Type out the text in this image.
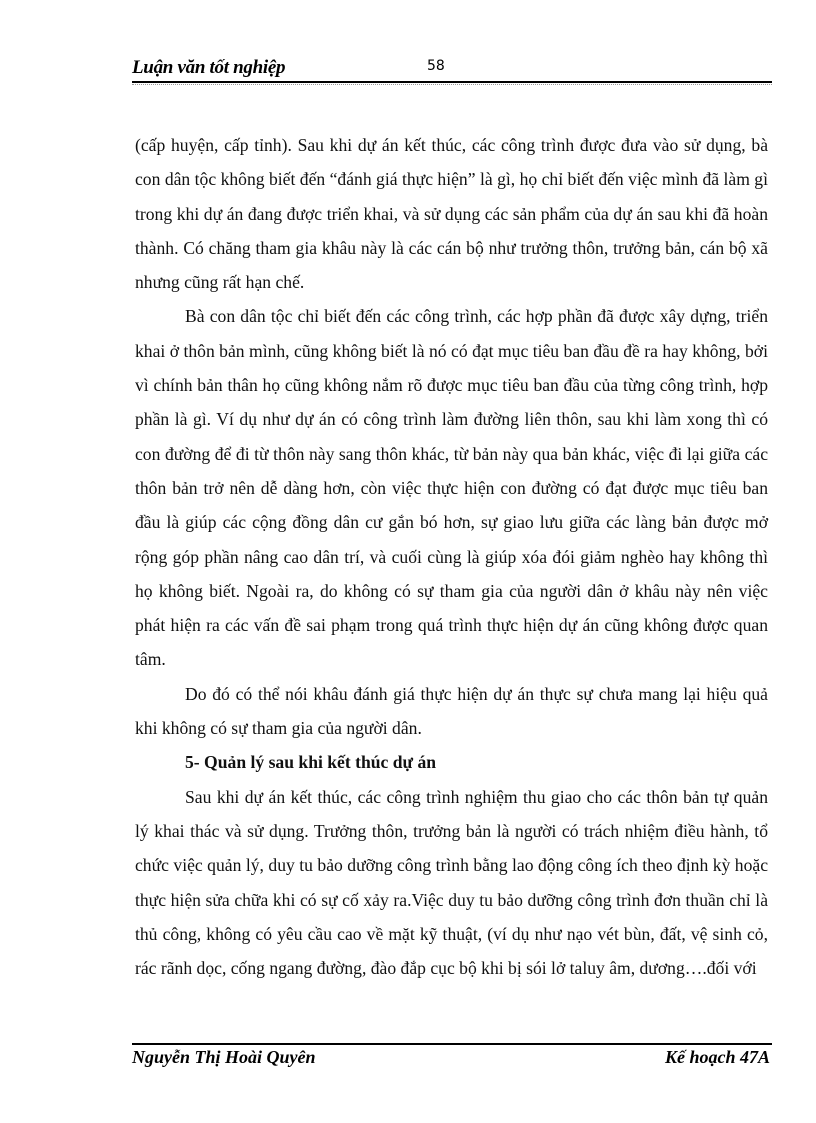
Luận văn tốt nghiệp	58

(cấp huyện, cấp tỉnh). Sau khi dự án kết thúc, các công trình được đưa vào sử dụng, bà con dân tộc không biết đến “đánh giá thực hiện” là gì, họ chỉ biết đến việc mình đã làm gì trong khi dự án đang được triển khai, và sử dụng các sản phẩm của dự án sau khi đã hoàn thành. Có chăng tham gia khâu này là các cán bộ như trưởng thôn, trưởng bản, cán bộ xã nhưng cũng rất hạn chế.

Bà con dân tộc chỉ biết đến các công trình, các hợp phần đã được xây dựng, triển khai ở thôn bản mình, cũng không biết là nó có đạt mục tiêu ban đầu đề ra hay không, bởi vì chính bản thân họ cũng không nắm rõ được mục tiêu ban đầu của từng công trình, hợp phần là gì. Ví dụ như dự án có công trình làm đường liên thôn, sau khi làm xong thì có con đường để đi từ thôn này sang thôn khác, từ bản này qua bản khác, việc đi lại giữa các thôn bản trở nên dễ dàng hơn, còn việc thực hiện con đường có đạt được mục tiêu ban đầu là giúp các cộng đồng dân cư gắn bó hơn, sự giao lưu giữa các làng bản được mở rộng góp phần nâng cao dân trí, và cuối cùng là giúp xóa đói giảm nghèo hay không thì họ không biết. Ngoài ra, do không có sự tham gia của người dân ở khâu này nên việc phát hiện ra các vấn đề sai phạm trong quá trình thực hiện dự án cũng không được quan tâm.

Do đó có thể nói khâu đánh giá thực hiện dự án thực sự chưa mang lại hiệu quả khi không có sự tham gia của người dân.

5- Quản lý sau khi kết thúc dự án

Sau khi dự án kết thúc, các công trình nghiệm thu giao cho các thôn bản tự quản lý khai thác và sử dụng. Trưởng thôn, trưởng bản là người có trách nhiệm điều hành, tổ chức việc quản lý, duy tu bảo dưỡng công trình bằng lao động công ích theo định kỳ hoặc thực hiện sửa chữa khi có sự cố xảy ra.Việc duy tu bảo dưỡng công trình đơn thuần chỉ là thủ công, không có yêu cầu cao về mặt kỹ thuật, (ví dụ như nạo vét bùn, đất, vệ sinh cỏ, rác rãnh dọc, cống ngang đường, đào đắp cục bộ khi bị sói lở taluy âm, dương….đối với

Nguyễn Thị Hoài Quyên	Kế hoạch 47A
